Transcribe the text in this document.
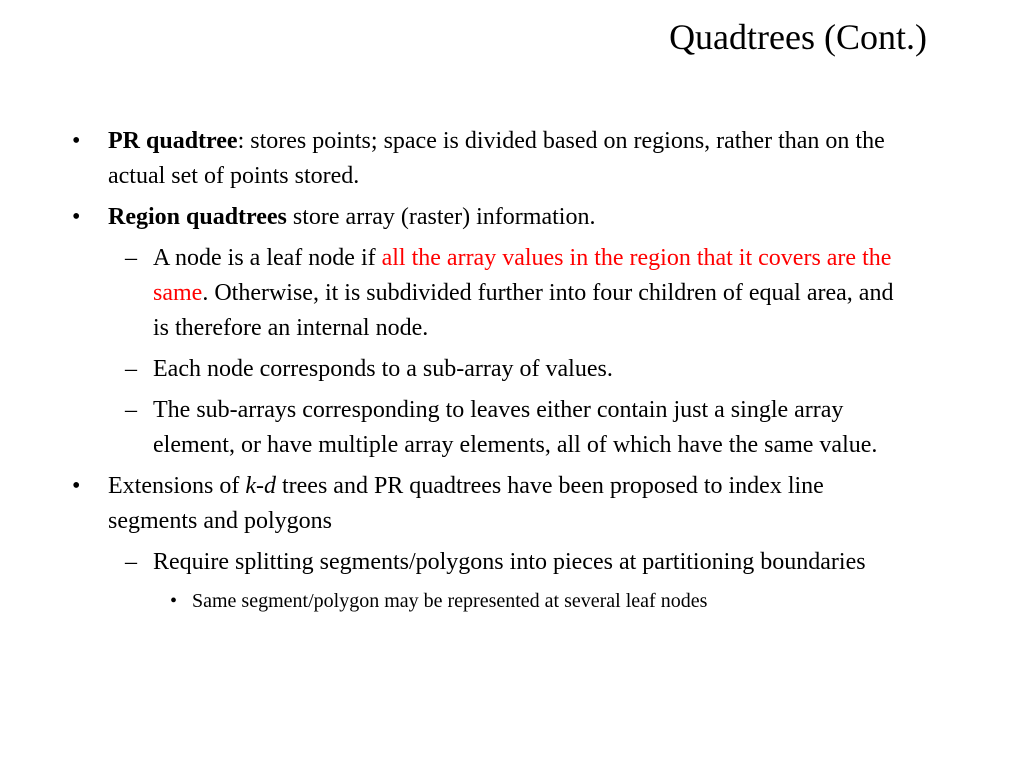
Quadtrees (Cont.)
• PR quadtree: stores points; space is divided based on regions, rather than on the actual set of points stored.
• Region quadtrees store array (raster) information.
– A node is a leaf node if all the array values in the region that it covers are the same. Otherwise, it is subdivided further into four children of equal area, and is therefore an internal node.
– Each node corresponds to a sub-array of values.
– The sub-arrays corresponding to leaves either contain just a single array element, or have multiple array elements, all of which have the same value.
• Extensions of k-d trees and PR quadtrees have been proposed to index line segments and polygons
– Require splitting segments/polygons into pieces at partitioning boundaries
• Same segment/polygon may be represented at several leaf nodes
